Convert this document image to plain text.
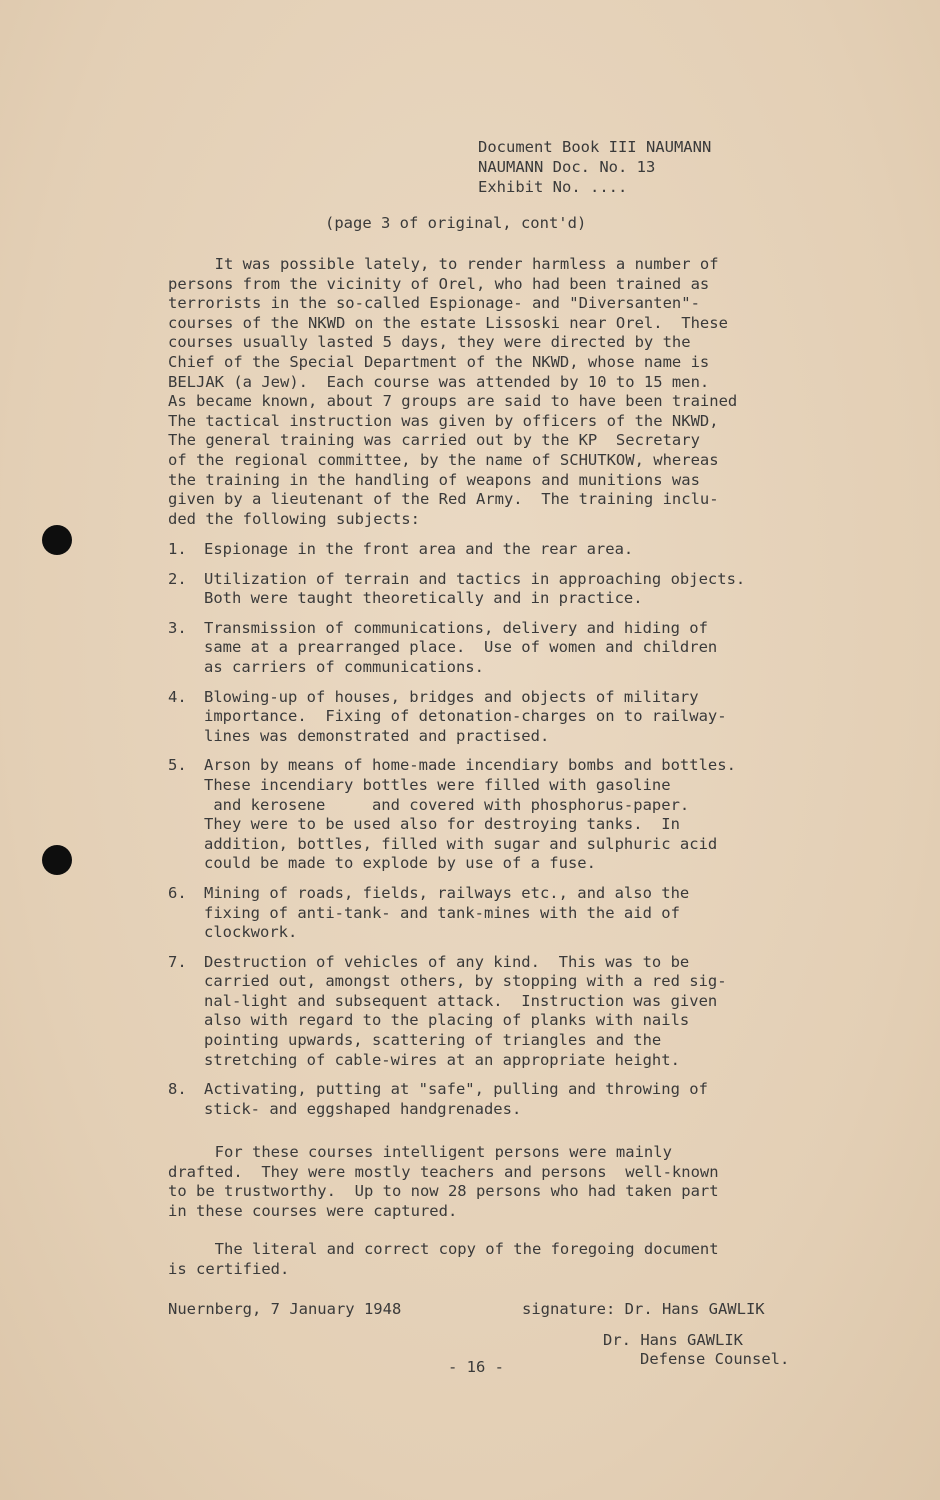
Document Book III NAUMANN
NAUMANN Doc. No. 13
Exhibit No. ....
(page 3 of original, cont'd)
It was possible lately, to render harmless a number of
persons from the vicinity of Orel, who had been trained as
terrorists in the so-called Espionage- and "Diversanten"-
courses of the NKWD on the estate Lissoski near Orel.  These
courses usually lasted 5 days, they were directed by the
Chief of the Special Department of the NKWD, whose name is
BELJAK (a Jew).  Each course was attended by 10 to 15 men.
As became known, about 7 groups are said to have been trained
The tactical instruction was given by officers of the NKWD,
The general training was carried out by the KP  Secretary
of the regional committee, by the name of SCHUTKOW, whereas
the training in the handling of weapons and munitions was
given by a lieutenant of the Red Army.  The training inclu-
ded the following subjects:
1.	Espionage in the front area and the rear area.
2.	Utilization of terrain and tactics in approaching objects.
Both were taught theoretically and in practice.
3.	Transmission of communications, delivery and hiding of
same at a prearranged place.  Use of women and children
as carriers of communications.
4.	Blowing-up of houses, bridges and objects of military
importance.  Fixing of detonation-charges on to railway-
lines was demonstrated and practised.
5.	Arson by means of home-made incendiary bombs and bottles.
These incendiary bottles were filled with gasoline
and kerosene     and covered with phosphorus-paper.
They were to be used also for destroying tanks.  In
addition, bottles, filled with sugar and sulphuric acid
could be made to explode by use of a fuse.
6.	Mining of roads, fields, railways etc., and also the
fixing of anti-tank- and tank-mines with the aid of
clockwork.
7.	Destruction of vehicles of any kind.  This was to be
carried out, amongst others, by stopping with a red sig-
nal-light and subsequent attack.  Instruction was given
also with regard to the placing of planks with nails
pointing upwards, scattering of triangles and the
stretching of cable-wires at an appropriate height.
8.	Activating, putting at "safe", pulling and throwing of
stick- and eggshaped handgrenades.
For these courses intelligent persons were mainly
drafted.  They were mostly teachers and persons  well-known
to be trustworthy.  Up to now 28 persons who had taken part
in these courses were captured.
The literal and correct copy of the foregoing document
is certified.
Nuernberg, 7 January 1948	signature: Dr. Hans GAWLIK
Dr. Hans GAWLIK
Defense Counsel.
- 16 -
